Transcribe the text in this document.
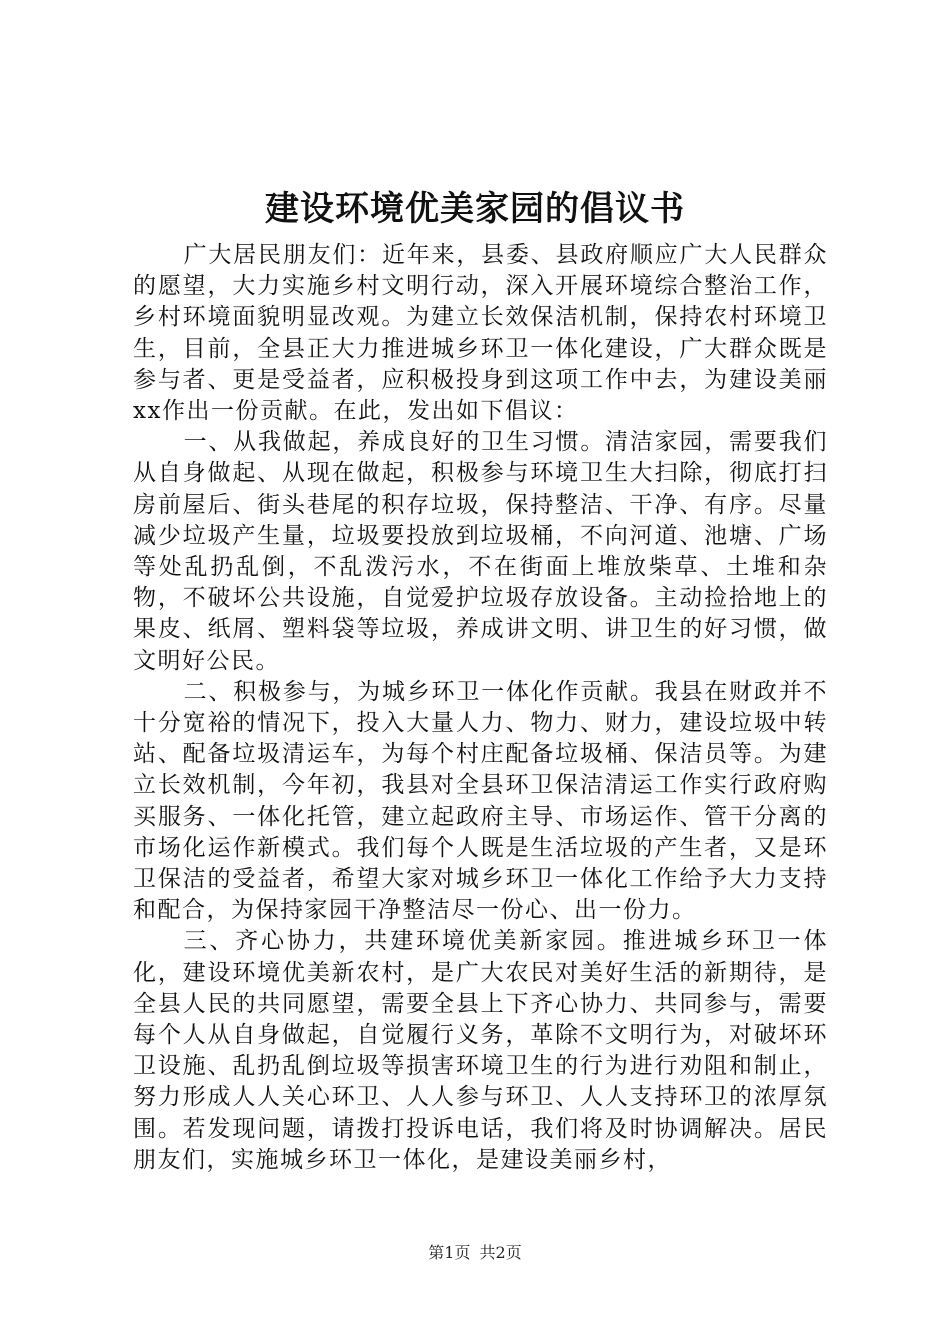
建设环境优美家园的倡议书

广大居民朋友们：近年来，县委、县政府顺应广大人民群众的愿望，大力实施乡村文明行动，深入开展环境综合整治工作，乡村环境面貌明显改观。为建立长效保洁机制，保持农村环境卫生，目前，全县正大力推进城乡环卫一体化建设，广大群众既是参与者、更是受益者，应积极投身到这项工作中去，为建设美丽xx作出一份贡献。在此，发出如下倡议：

一、从我做起，养成良好的卫生习惯。清洁家园，需要我们从自身做起、从现在做起，积极参与环境卫生大扫除，彻底打扫房前屋后、街头巷尾的积存垃圾，保持整洁、干净、有序。尽量减少垃圾产生量，垃圾要投放到垃圾桶，不向河道、池塘、广场等处乱扔乱倒，不乱泼污水，不在街面上堆放柴草、土堆和杂物，不破坏公共设施，自觉爱护垃圾存放设备。主动捡拾地上的果皮、纸屑、塑料袋等垃圾，养成讲文明、讲卫生的好习惯，做文明好公民。

二、积极参与，为城乡环卫一体化作贡献。我县在财政并不十分宽裕的情况下，投入大量人力、物力、财力，建设垃圾中转站、配备垃圾清运车，为每个村庄配备垃圾桶、保洁员等。为建立长效机制，今年初，我县对全县环卫保洁清运工作实行政府购买服务、一体化托管，建立起政府主导、市场运作、管干分离的市场化运作新模式。我们每个人既是生活垃圾的产生者，又是环卫保洁的受益者，希望大家对城乡环卫一体化工作给予大力支持和配合，为保持家园干净整洁尽一份心、出一份力。

三、齐心协力，共建环境优美新家园。推进城乡环卫一体化，建设环境优美新农村，是广大农民对美好生活的新期待，是全县人民的共同愿望，需要全县上下齐心协力、共同参与，需要每个人从自身做起，自觉履行义务，革除不文明行为，对破坏环卫设施、乱扔乱倒垃圾等损害环境卫生的行为进行劝阻和制止，努力形成人人关心环卫、人人参与环卫、人人支持环卫的浓厚氛围。若发现问题，请拨打投诉电话，我们将及时协调解决。居民朋友们，实施城乡环卫一体化，是建设美丽乡村，

第1页 共2页
